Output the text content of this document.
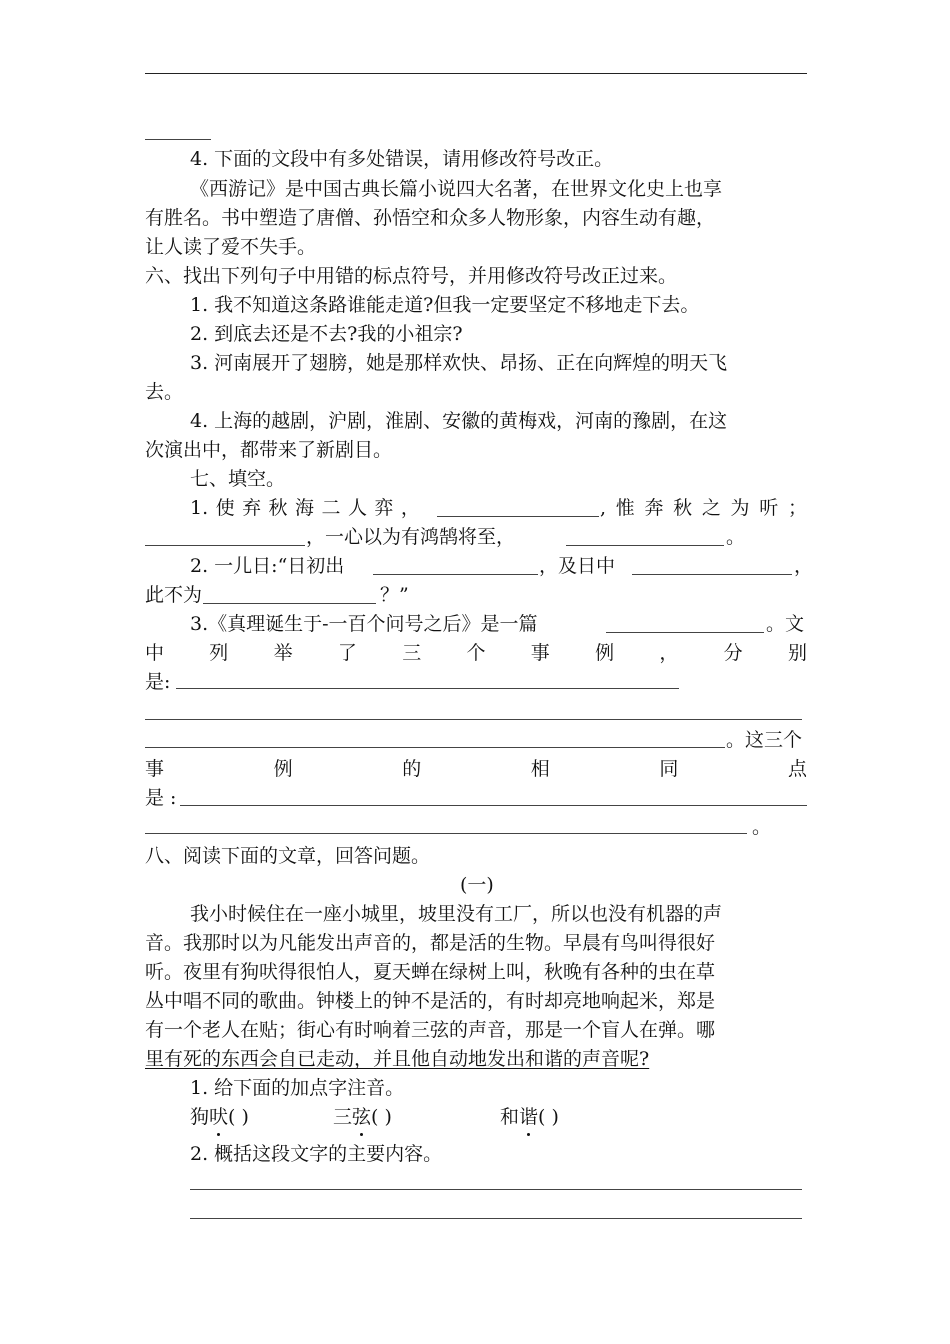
4. 下面的文段中有多处错误，请用修改符号改正。
《西游记》是中国古典长篇小说四大名著，在世界文化史上也享
有胜名。书中塑造了唐僧、孙悟空和众多人物形象，内容生动有趣，
让人读了爱不失手。
六、找出下列句子中用错的标点符号，并用修改符号改正过来。
1. 我不知道这条路谁能走道?但我一定要坚定不移地走下去。
2. 到底去还是不去?我的小祖宗?
3. 河南展开了翅膀，她是那样欢快、昂扬、正在向辉煌的明天飞
去。
4. 上海的越剧，沪剧，淮剧、安徽的黄梅戏，河南的豫剧，在这
次演出中，都带来了新剧目。
七、填空。
1. 使 弃 秋 海 二 人 弈 ，	, 惟 奔 秋 之 为 听 ；
，一心以为有鸿鹄将至，	。
2. 一儿日:“日初出	，及日中	，
此不为	？”
3.《真理诞生于-一百个问号之后》是一篇	。文
中 列 举 了 三 个 事 例 ， 分 别
是:
。这三个
事	例	的	相	同	点
是 :
。
八、阅读下面的文章，回答问题。
(一)
我小时候住在一座小城里，坡里没有工厂，所以也没有机器的声
音。我那时以为凡能发出声音的，都是活的生物。早晨有鸟叫得很好
听。夜里有狗吠得很怕人，夏天蝉在绿树上叫，秋晚有各种的虫在草
丛中唱不同的歌曲。钟楼上的钟不是活的，有时却亮地响起米，郑是
有一个老人在贴；街心有时响着三弦的声音，那是一个盲人在弹。哪
里有死的东西会自已走动，并且他自动地发出和谐的声音呢?
1. 给下面的加点字注音。
狗吠( )	三弦( )	和谐( )
2. 概括这段文字的主要内容。
